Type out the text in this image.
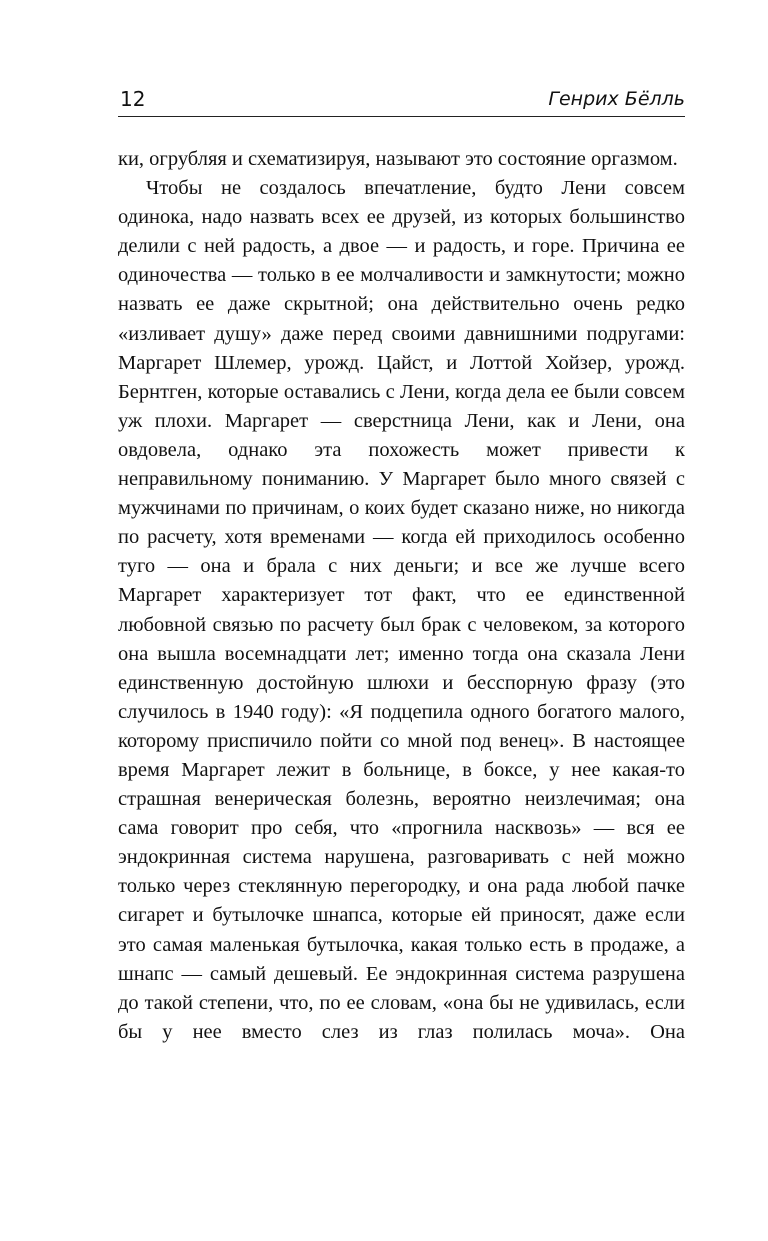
12	Генрих Бёлль

ки, огрубляя и схематизируя, называют это состояние оргазмом.

Чтобы не создалось впечатление, будто Лени совсем одинока, надо назвать всех ее друзей, из которых большинство делили с ней радость, а двое — и радость, и горе. Причина ее одиночества — только в ее молчаливости и замкнутости; можно назвать ее даже скрытной; она действительно очень редко «изливает душу» даже перед своими давнишними подругами: Маргарет Шлемер, урожд. Цайст, и Лоттой Хойзер, урожд. Бернтген, которые оставались с Лени, когда дела ее были совсем уж плохи. Маргарет — сверстница Лени, как и Лени, она овдовела, однако эта похожесть может привести к неправильному пониманию. У Маргарет было много связей с мужчинами по причинам, о коих будет сказано ниже, но никогда по расчету, хотя временами — когда ей приходилось особенно туго — она и брала с них деньги; и все же лучше всего Маргарет характеризует тот факт, что ее единственной любовной связью по расчету был брак с человеком, за которого она вышла восемнадцати лет; именно тогда она сказала Лени единственную достойную шлюхи и бесспорную фразу (это случилось в 1940 году): «Я подцепила одного богатого малого, которому приспичило пойти со мной под венец». В настоящее время Маргарет лежит в больнице, в боксе, у нее какая-то страшная венерическая болезнь, вероятно неизлечимая; она сама говорит про себя, что «прогнила насквозь» — вся ее эндокринная система нарушена, разговаривать с ней можно только через стеклянную перегородку, и она рада любой пачке сигарет и бутылочке шнапса, которые ей приносят, даже если это самая маленькая бутылочка, какая только есть в продаже, а шнапс — самый дешевый. Ее эндокринная система разрушена до такой степени, что, по ее словам, «она бы не удивилась, если бы у нее вместо слез из глаз полилась моча». Она
